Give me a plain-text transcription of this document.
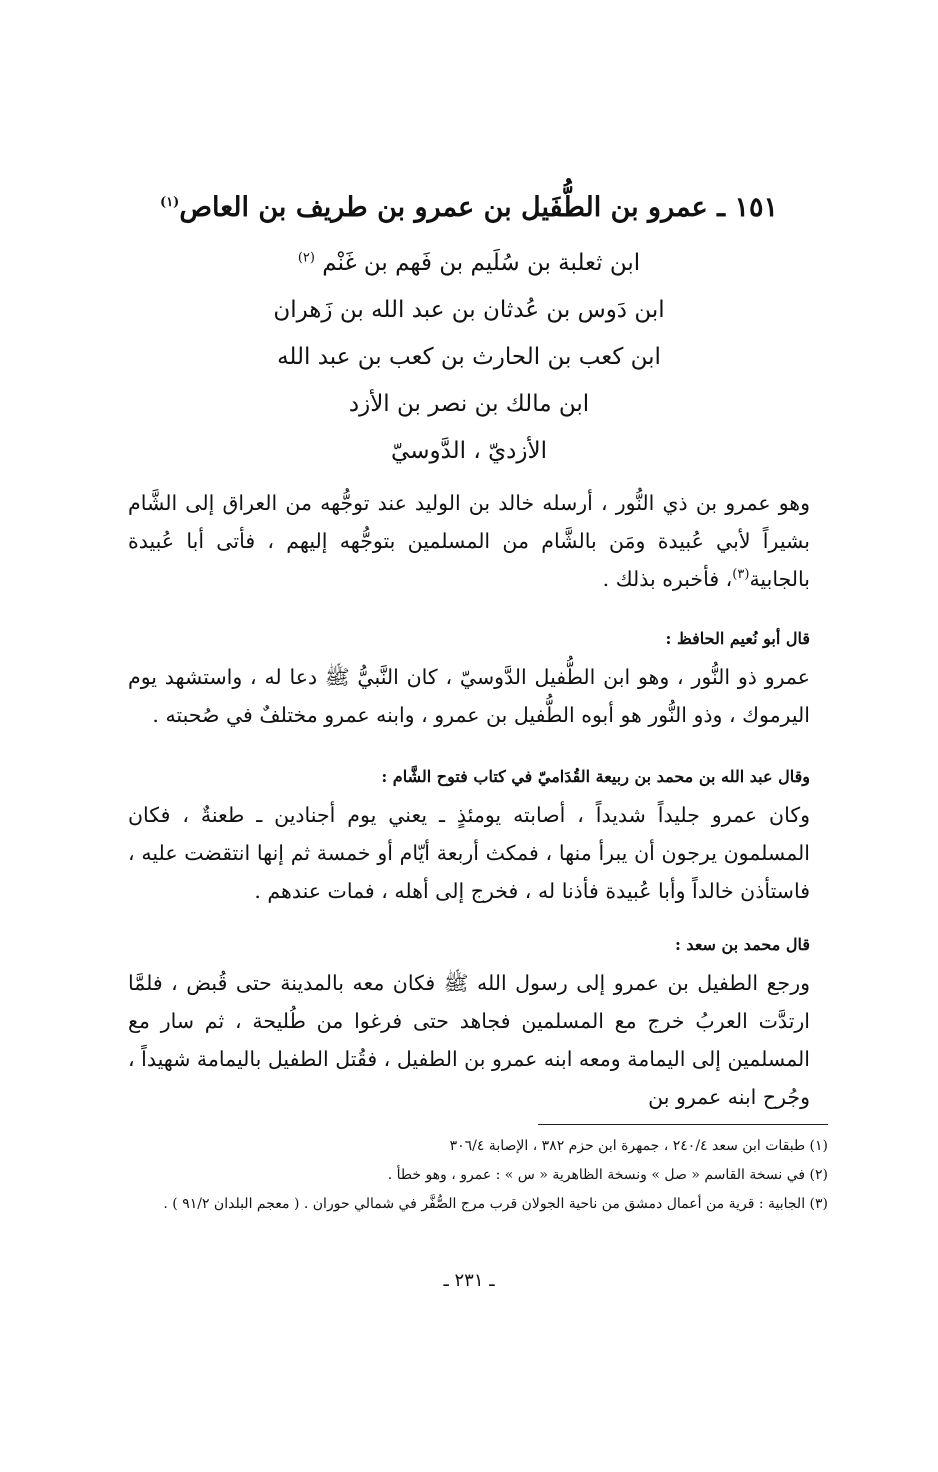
١٥١ ـ عمرو بن الطُّفَيل بن عمرو بن طريف بن العاص$^{(١)}$
ابن ثعلبة بن سُلَيم بن فَهم بن غَنْم $^{(٢)}$
ابن دَوس بن عُدثان بن عبد الله بن زَهران
ابن كعب بن الحارث بن كعب بن عبد الله
ابن مالك بن نصر بن الأزد
الأزديّ ، الدَّوسيّ
وهو عمرو بن ذي النُّور ، أرسله خالد بن الوليد عند توجُّهه من العراق إلى الشَّام بشيراً لأبي عُبيدة ومَن بالشَّام من المسلمين بتوجُّهه إليهم ، فأتى أبا عُبيدة بالجابية$^{(٣)}$، فأخبره بذلك .
قال أبو نُعيم الحافظ :
عمرو ذو النُّور ، وهو ابن الطُّفيل الدَّوسيّ ، كان النَّبيُّ ﷺ دعا له ، واستشهد يوم اليرموك ، وذو النُّور هو أبوه الطُّفيل بن عمرو ، وابنه عمرو مختلفٌ في صُحبته .
وقال عبد الله بن محمد بن ربيعة القُدَاميّ في كتاب فتوح الشَّام :
وكان عمرو جليداً شديداً ، أصابته يومئذٍ ـ يعني يوم أجنادين ـ طعنةٌ ، فكان المسلمون يرجون أن يبرأ منها ، فمكث أربعة أيّام أو خمسة ثم إنها انتقضت عليه ، فاستأذن خالداً وأبا عُبيدة فأذنا له ، فخرج إلى أهله ، فمات عندهم .
قال محمد بن سعد :
ورجع الطفيل بن عمرو إلى رسول الله ﷺ فكان معه بالمدينة حتى قُبض ، فلمَّا ارتدَّت العربُ خرج مع المسلمين فجاهد حتى فرغوا من طُليحة ، ثم سار مع المسلمين إلى اليمامة ومعه ابنه عمرو بن الطفيل ، فقُتل الطفيل باليمامة شهيداً ، وجُرح ابنه عمرو بن
(١) طبقات ابن سعد ٢٤٠/٤ ، جمهرة ابن حزم ٣٨٢ ، الإصابة ٣٠٦/٤
(٢) في نسخة القاسم « صل » ونسخة الظاهرية « س » : عمرو ، وهو خطأ .
(٣) الجابية : قرية من أعمال دمشق من ناحية الجولان قرب مرج الصُّفَّر في شمالي حوران . ( معجم البلدان ٩١/٢ ) .
ـ ٢٣١ ـ
